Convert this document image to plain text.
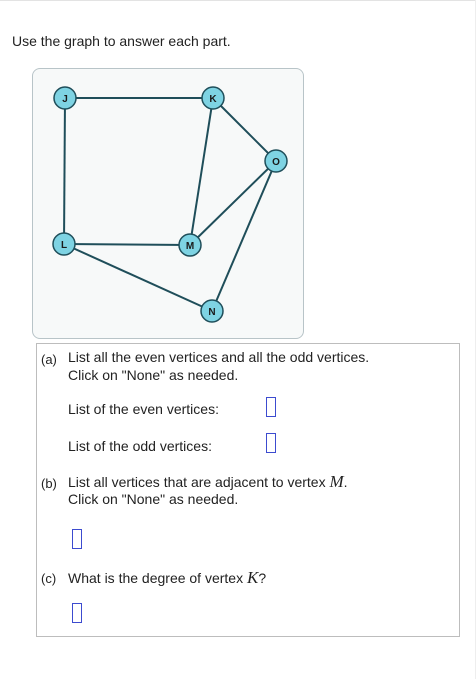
Use the graph to answer each part.
J	K
O
L	M
N
(a) List all the even vertices and all the odd vertices.
Click on "None" as needed.
List of the even vertices:
List of the odd vertices:
(b) List all vertices that are adjacent to vertex M.
Click on "None" as needed.
(c) What is the degree of vertex K?
